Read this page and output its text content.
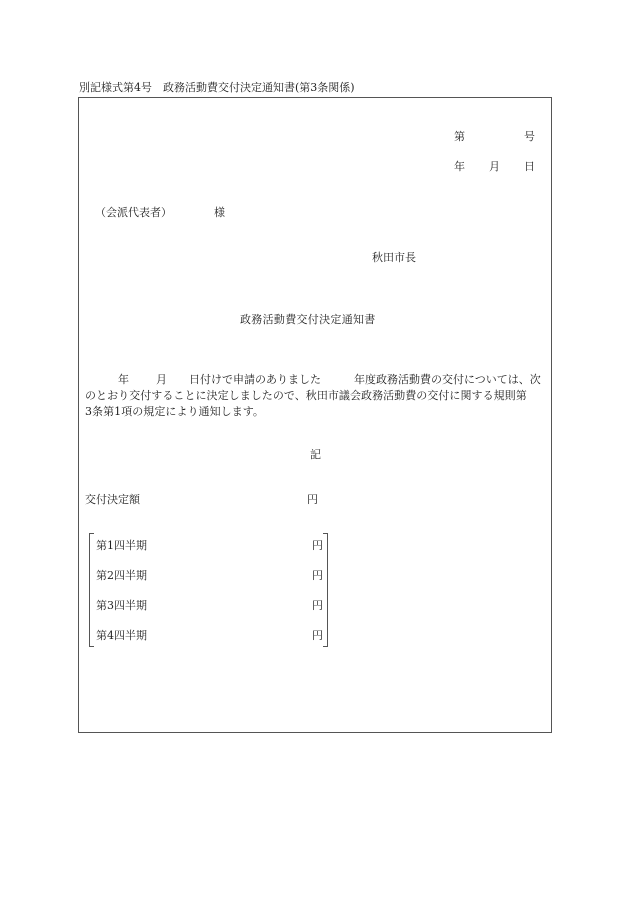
別記様式第4号　政務活動費交付決定通知書(第3条関係)
第	号
年 月 日
（会派代表者）	様
秋田市長
政務活動費交付決定通知書
年 月 日付けで申請のありました	年度政務活動費の交付については、次
のとおり交付することに決定しましたので、秋田市議会政務活動費の交付に関する規則第
3条第1項の規定により通知します。
記
交付決定額	円
第1四半期	円
第2四半期	円
第3四半期	円
第4四半期	円
